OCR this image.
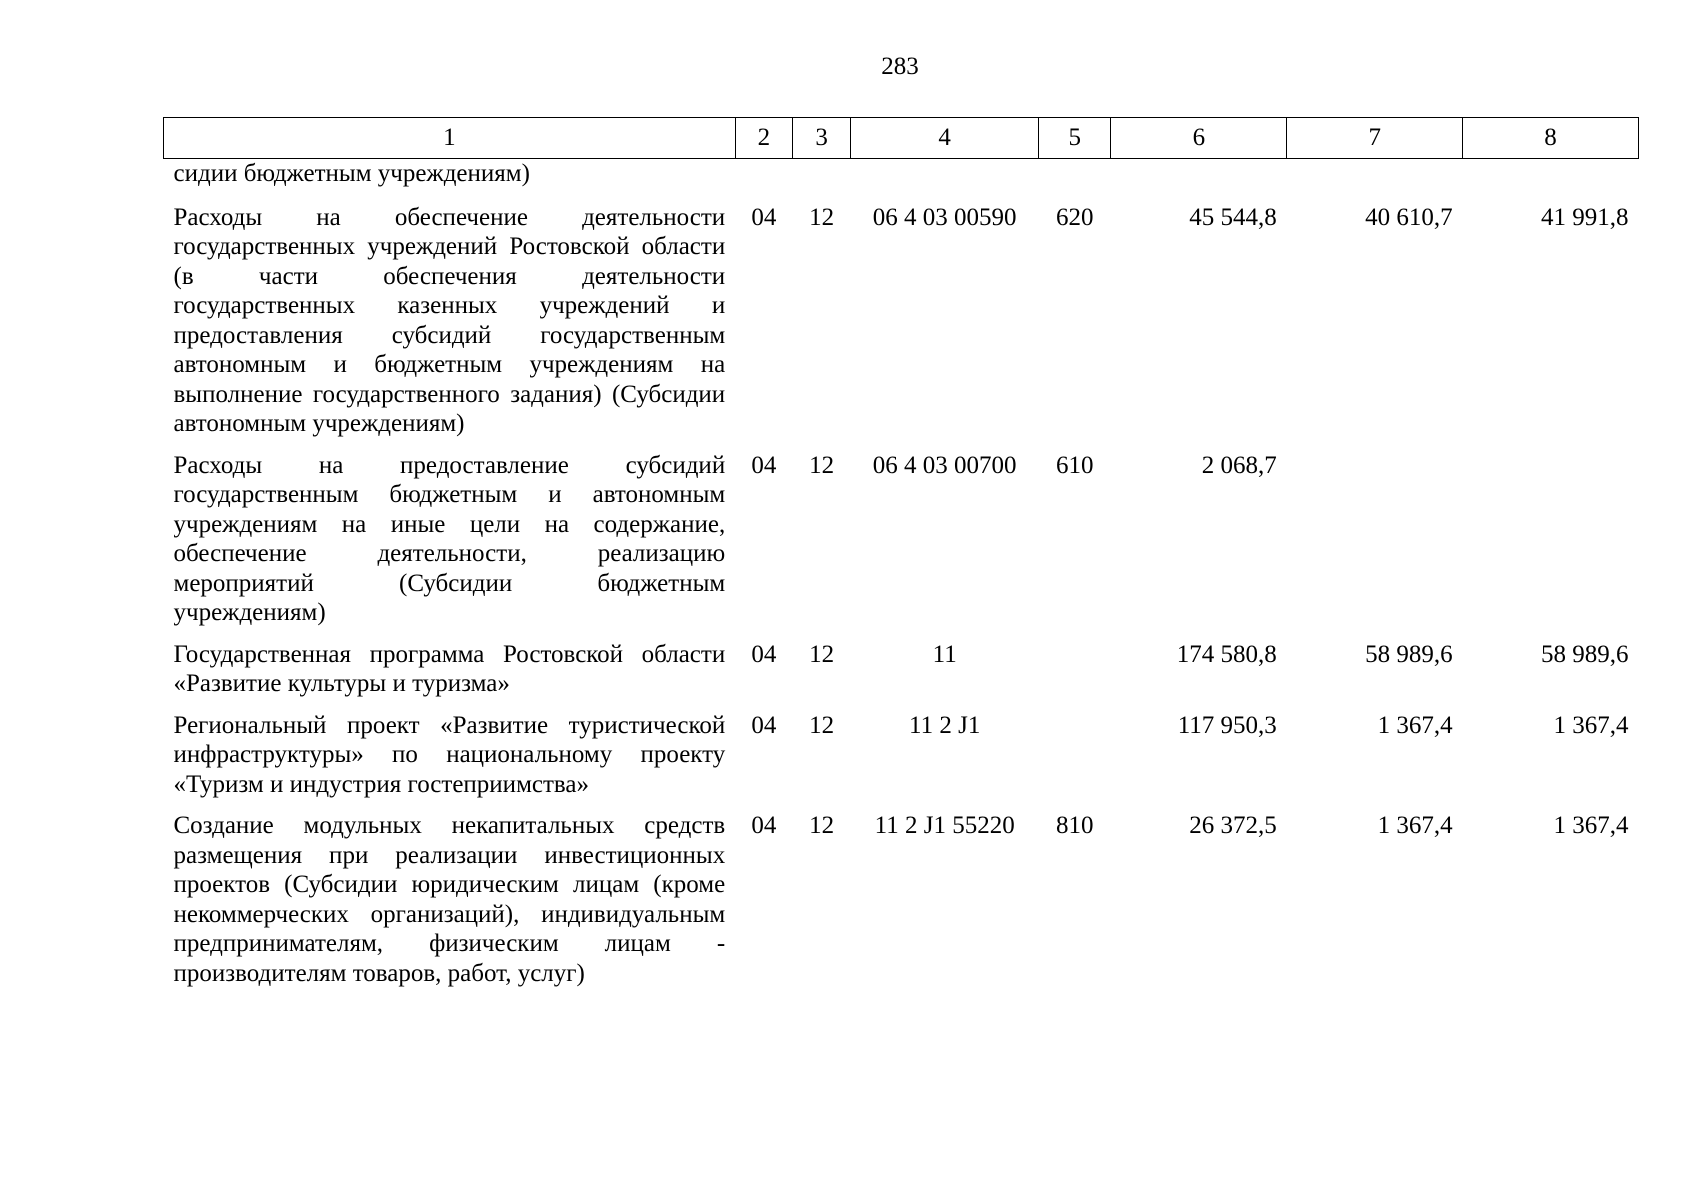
283
1	2	3	4	5	6	7	8
сидии бюджетным учреждениям)							
Расходы на обеспечение деятельности государственных учреждений Ростовской области (в части обеспечения деятельности государственных казенных учреждений и предоставления субсидий государственным автономным и бюджетным учреждениям на выполнение государственного задания) (Субсидии автономным учреждениям)	04	12	06 4 03 00590	620	45 544,8	40 610,7	41 991,8
Расходы на предоставление субсидий государственным бюджетным и автономным учреждениям на иные цели на содержание, обеспечение деятельности, реализацию мероприятий (Субсидии бюджетным учреждениям)	04	12	06 4 03 00700	610	2 068,7		
Государственная программа Ростовской области «Развитие культуры и туризма»	04	12	11		174 580,8	58 989,6	58 989,6
Региональный проект «Развитие туристической инфраструктуры» по национальному проекту «Туризм и индустрия гостеприимства»	04	12	11 2 J1		117 950,3	1 367,4	1 367,4
Создание модульных некапитальных средств размещения при реализации инвестиционных проектов (Субсидии юридическим лицам (кроме некоммерческих организаций), индивидуальным предпринимателям, физическим лицам - производителям товаров, работ, услуг)	04	12	11 2 J1 55220	810	26 372,5	1 367,4	1 367,4
